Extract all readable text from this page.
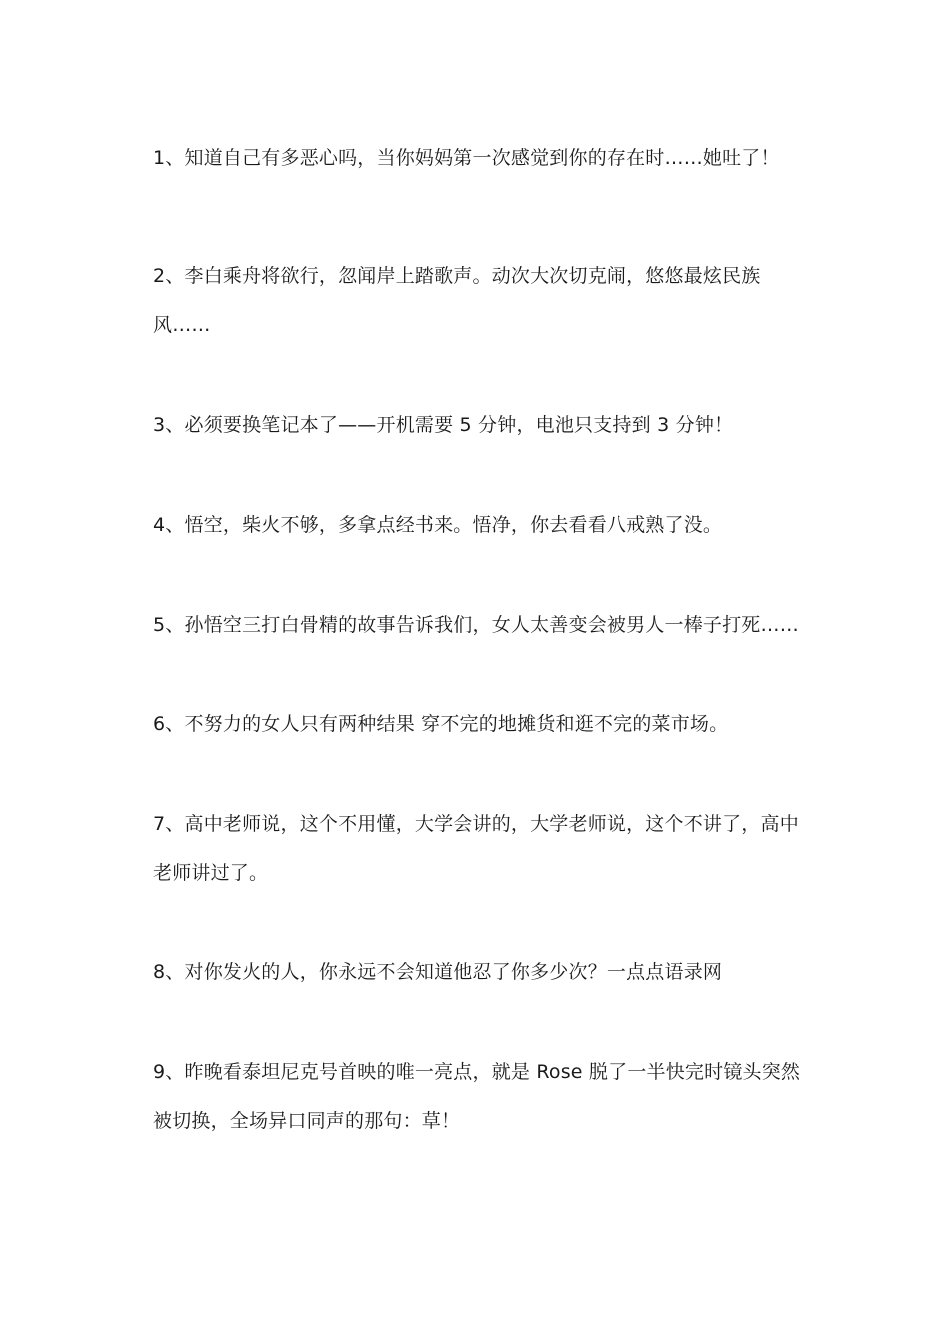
1、知道自己有多恶心吗，当你妈妈第一次感觉到你的存在时……她吐了！

2、李白乘舟将欲行，忽闻岸上踏歌声。动次大次切克闹，悠悠最炫民族风……

3、必须要换笔记本了——开机需要 5 分钟，电池只支持到 3 分钟！

4、悟空，柴火不够，多拿点经书来。悟净，你去看看八戒熟了没。

5、孙悟空三打白骨精的故事告诉我们，女人太善变会被男人一棒子打死……

6、不努力的女人只有两种结果 穿不完的地摊货和逛不完的菜市场。

7、高中老师说，这个不用懂，大学会讲的，大学老师说，这个不讲了，高中老师讲过了。

8、对你发火的人，你永远不会知道他忍了你多少次？一点点语录网

9、昨晚看泰坦尼克号首映的唯一亮点，就是 Rose 脱了一半快完时镜头突然被切换，全场异口同声的那句：草！
